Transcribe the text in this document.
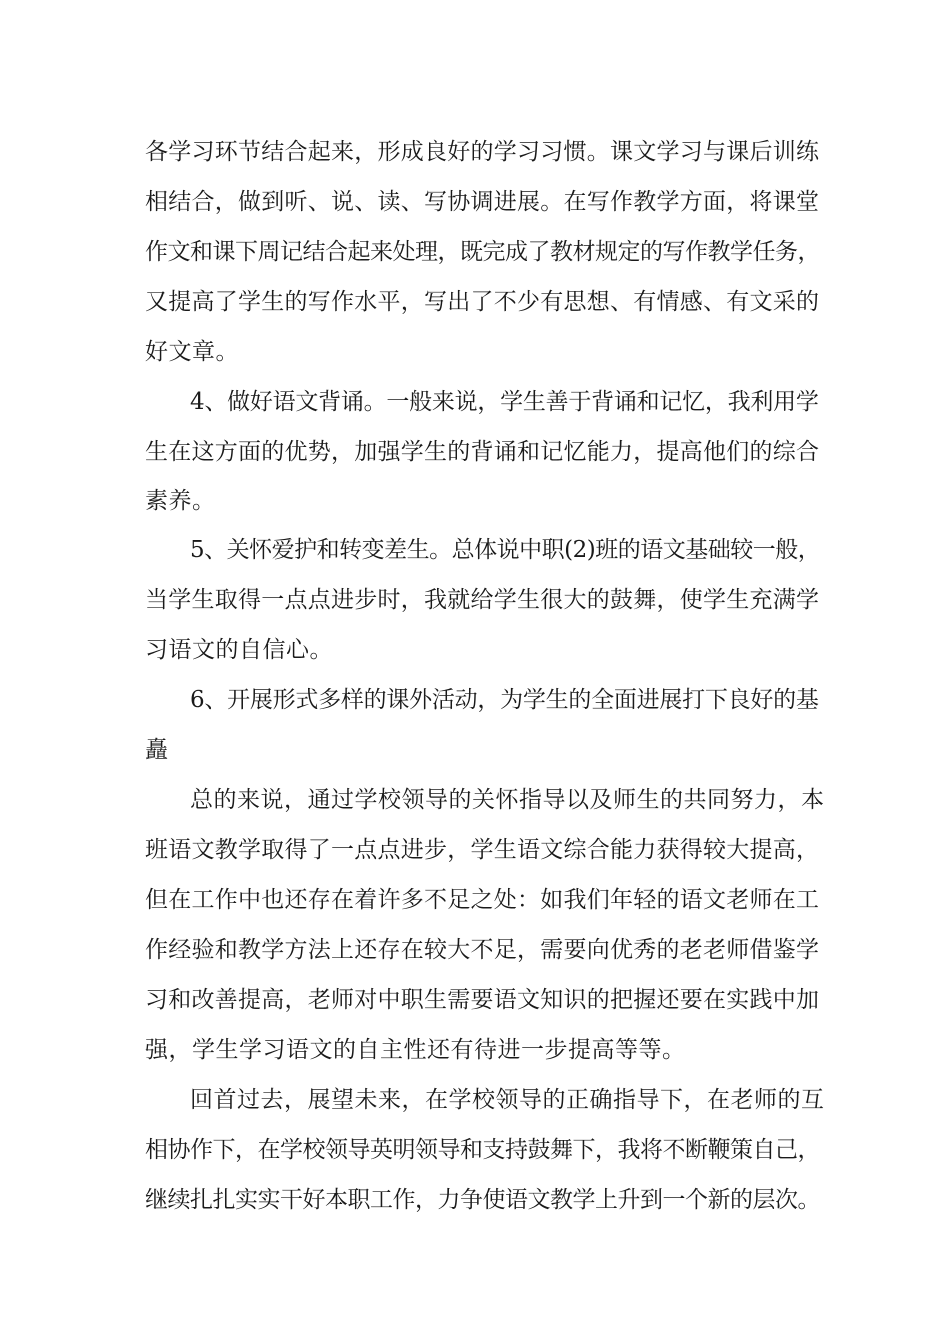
各学习环节结合起来，形成良好的学习习惯。课文学习与课后训练
相结合，做到听、说、读、写协调进展。在写作教学方面，将课堂
作文和课下周记结合起来处理，既完成了教材规定的写作教学任务，
又提高了学生的写作水平，写出了不少有思想、有情感、有文采的
好文章。
4、做好语文背诵。一般来说，学生善于背诵和记忆，我利用学
生在这方面的优势，加强学生的背诵和记忆能力，提高他们的综合
素养。
5、关怀爱护和转变差生。总体说中职(2)班的语文基础较一般，
当学生取得一点点进步时，我就给学生很大的鼓舞，使学生充满学
习语文的自信心。
6、开展形式多样的课外活动，为学生的全面进展打下良好的基
矗
总的来说，通过学校领导的关怀指导以及师生的共同努力，本
班语文教学取得了一点点进步，学生语文综合能力获得较大提高，
但在工作中也还存在着许多不足之处：如我们年轻的语文老师在工
作经验和教学方法上还存在较大不足，需要向优秀的老老师借鉴学
习和改善提高，老师对中职生需要语文知识的把握还要在实践中加
强，学生学习语文的自主性还有待进一步提高等等。
回首过去，展望未来，在学校领导的正确指导下，在老师的互
相协作下，在学校领导英明领导和支持鼓舞下，我将不断鞭策自己，
继续扎扎实实干好本职工作，力争使语文教学上升到一个新的层次。
